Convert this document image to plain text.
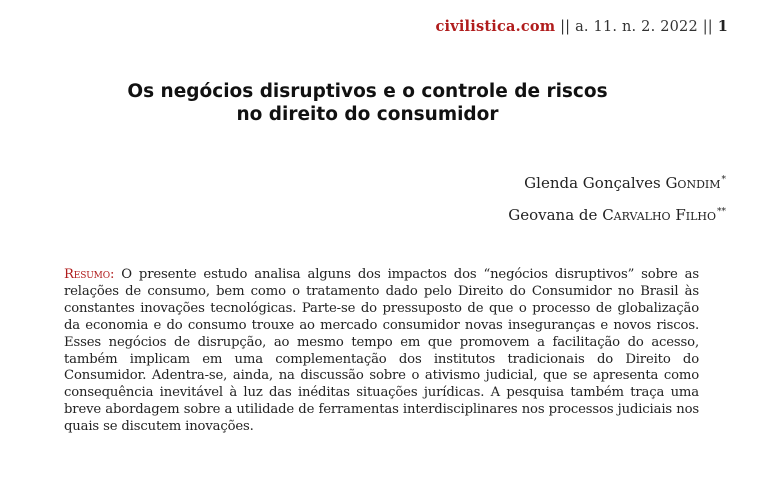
civilistica.com || a. 11. n. 2. 2022 || 1
Os negócios disruptivos e o controle de riscos
no direito do consumidor
Glenda Gonçalves Gondim*
Geovana de Carvalho Filho**
Resumo: O presente estudo analisa alguns dos impactos dos “negócios disruptivos” sobre as relações de consumo, bem como o tratamento dado pelo Direito do Consumidor no Brasil às constantes inovações tecnológicas. Parte-se do pressuposto de que o processo de globalização da economia e do consumo trouxe ao mercado consumidor novas inseguranças e novos riscos. Esses negócios de disrupção, ao mesmo tempo em que promovem a facilitação do acesso, também implicam em uma complementação dos institutos tradicionais do Direito do Consumidor. Adentra-se, ainda, na discussão sobre o ativismo judicial, que se apresenta como consequência inevitável à luz das inéditas situações jurídicas. A pesquisa também traça uma breve abordagem sobre a utilidade de ferramentas interdisciplinares nos processos judiciais nos quais se discutem inovações.
